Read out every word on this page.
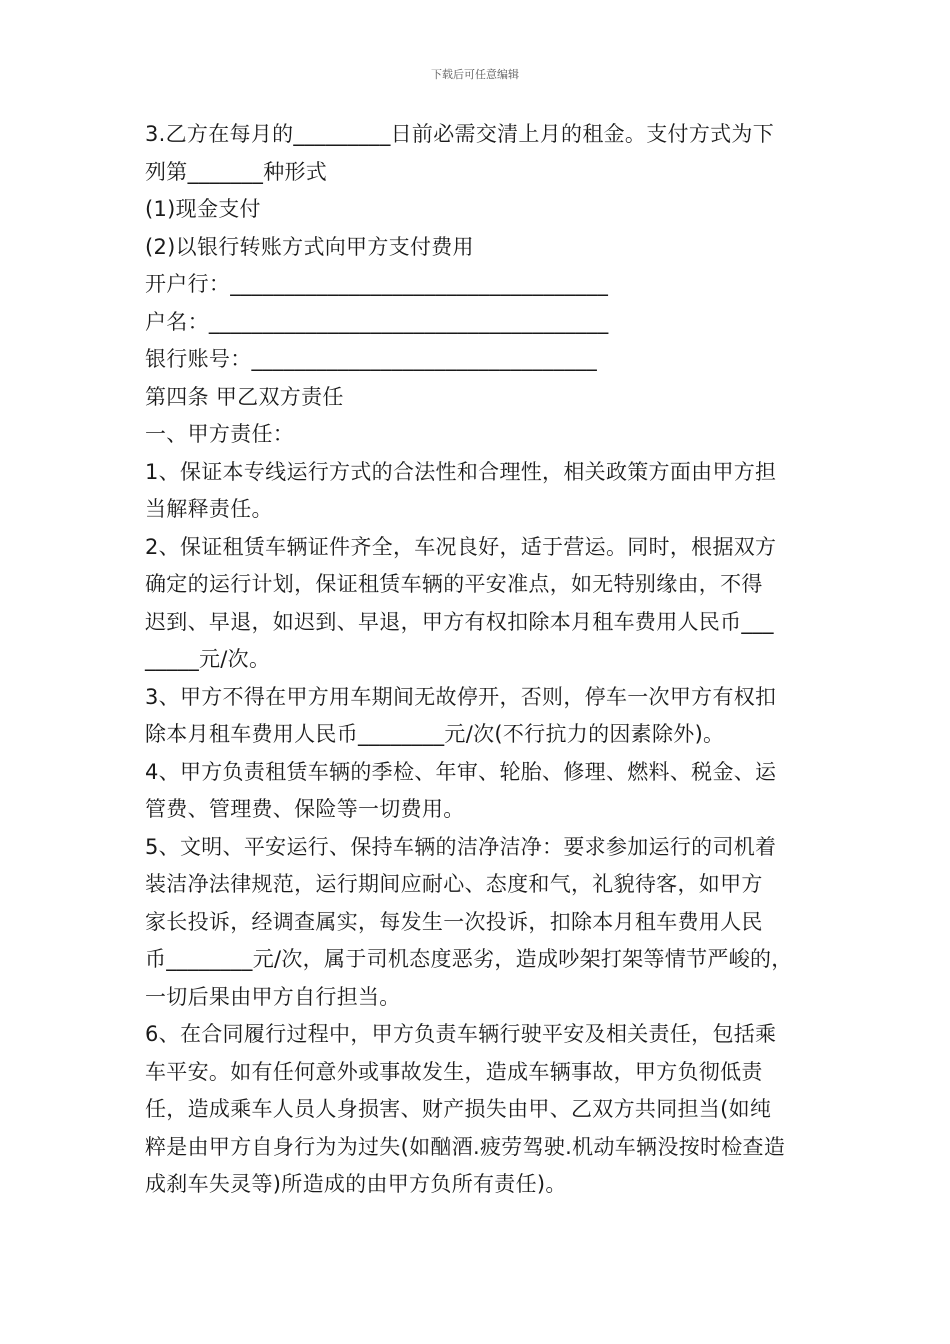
下载后可任意编辑
3.乙方在每月的_________日前必需交清上月的租金。支付方式为下
列第_______种形式
(1)现金支付
(2)以银行转账方式向甲方支付费用
开户行：___________________________________
户名：_____________________________________
银行账号：________________________________
第四条 甲乙双方责任
一、甲方责任：
1、保证本专线运行方式的合法性和合理性，相关政策方面由甲方担
当解释责任。
2、保证租赁车辆证件齐全，车况良好，适于营运。同时，根据双方
确定的运行计划，保证租赁车辆的平安准点，如无特别缘由，不得
迟到、早退，如迟到、早退，甲方有权扣除本月租车费用人民币___
_____元/次。
3、甲方不得在甲方用车期间无故停开，否则，停车一次甲方有权扣
除本月租车费用人民币________元/次(不行抗力的因素除外)。
4、甲方负责租赁车辆的季检、年审、轮胎、修理、燃料、税金、运
管费、管理费、保险等一切费用。
5、文明、平安运行、保持车辆的洁净洁净：要求参加运行的司机着
装洁净法律规范，运行期间应耐心、态度和气，礼貌待客，如甲方
家长投诉，经调查属实，每发生一次投诉，扣除本月租车费用人民
币________元/次，属于司机态度恶劣，造成吵架打架等情节严峻的，
一切后果由甲方自行担当。
6、在合同履行过程中，甲方负责车辆行驶平安及相关责任，包括乘
车平安。如有任何意外或事故发生，造成车辆事故，甲方负彻低责
任，造成乘车人员人身损害、财产损失由甲、乙双方共同担当(如纯
粹是由甲方自身行为为过失(如酗酒.疲劳驾驶.机动车辆没按时检查造
成刹车失灵等)所造成的由甲方负所有责任)。
